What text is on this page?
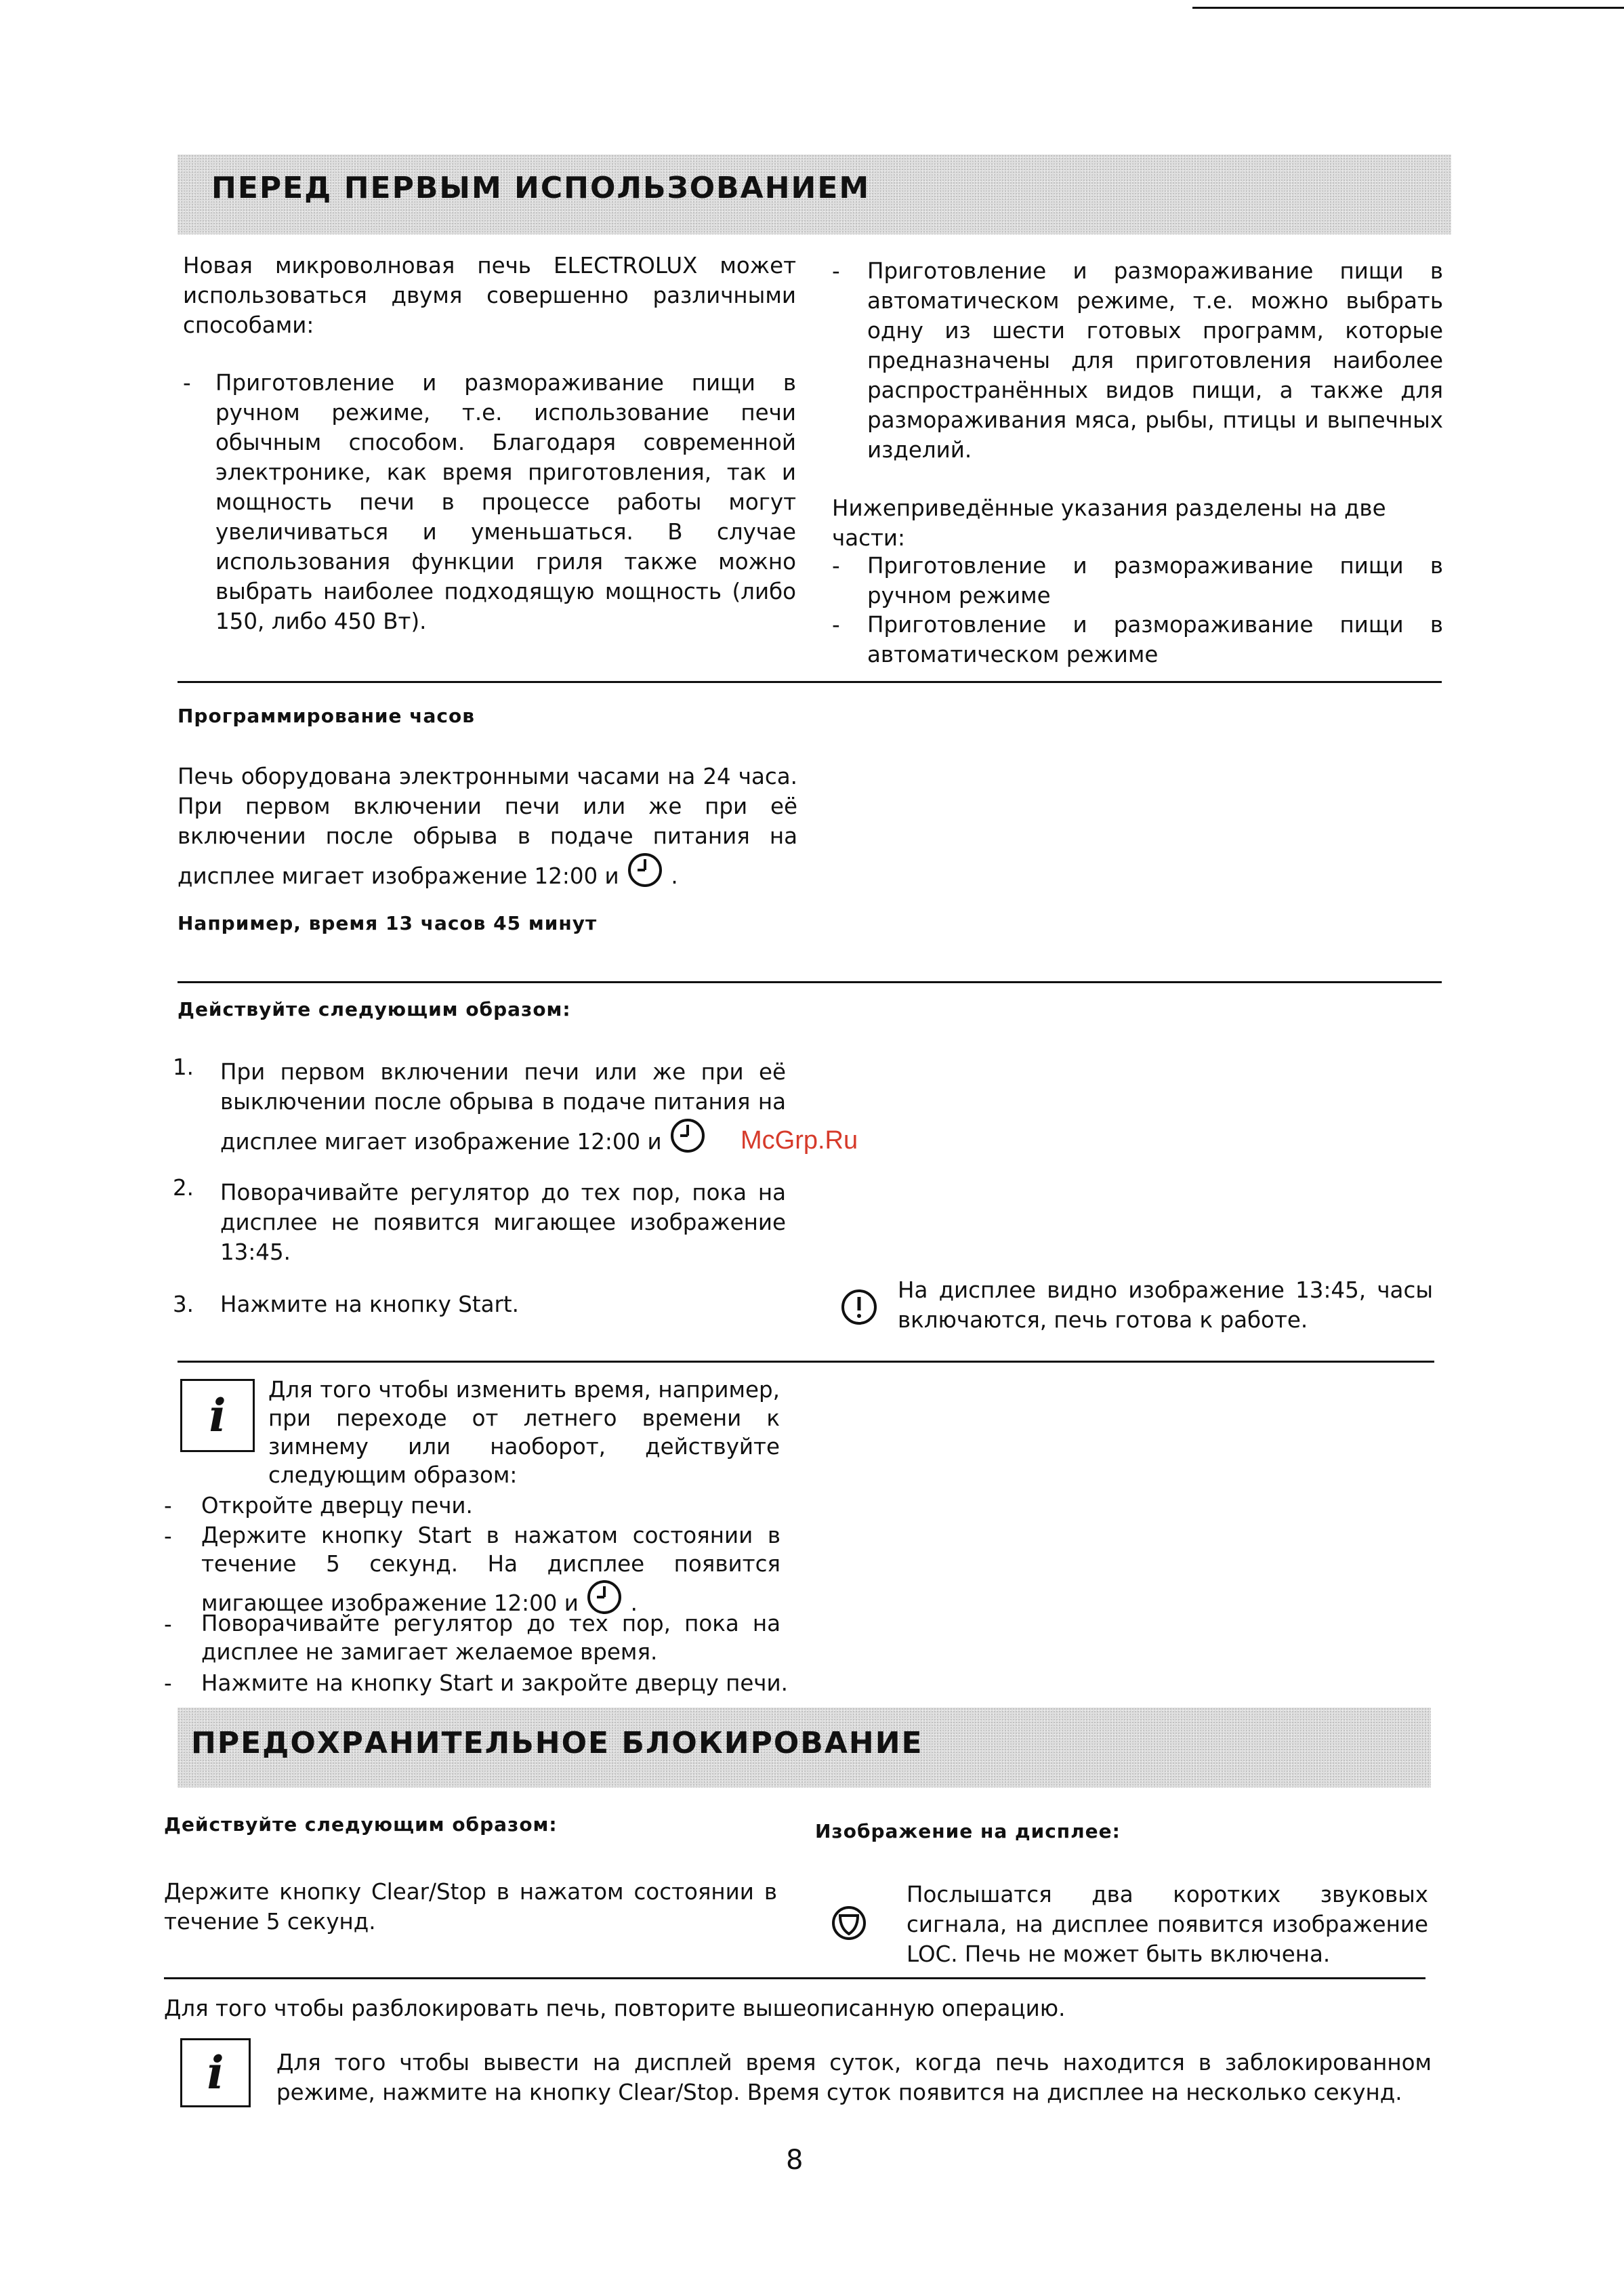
ПЕРЕД ПЕРВЫМ ИСПОЛЬЗОВАНИЕМ
Новая микроволновая печь ELECTROLUX может использоваться двумя совершенно различными способами:
-	Приготовление и размораживание пищи в ручном режиме, т.е. использование печи обычным способом. Благодаря современной электронике, как время приготовления, так и мощность печи в процессе работы могут увеличиваться и уменьшаться. В случае использования функции гриля также можно выбрать наиболее подходящую мощность (либо 150, либо 450 Вт).
-	Приготовление и размораживание пищи в автоматическом режиме, т.е. можно выбрать одну из шести готовых программ, которые предназначены для приготовления наиболее распространённых видов пищи, а также для размораживания мяса, рыбы, птицы и выпечных изделий.
Нижеприведённые указания разделены на две части:
-	Приготовление и размораживание пищи в ручном режиме
-	Приготовление и размораживание пищи в автоматическом режиме
Программирование часов
Печь оборудована электронными часами на 24 часа. При первом включении печи или же при её включении после обрыва в подаче питания на дисплее мигает изображение 12:00 и .
Например, время 13 часов 45 минут
Действуйте следующим образом:
1.	При первом включении печи или же при её выключении после обрыва в подаче питания на дисплее мигает изображение 12:00 и	McGrp.Ru
2.	Поворачивайте регулятор до тех пор, пока на дисплее не появится мигающее изображение 13:45.
3.	Нажмите на кнопку Start.
На дисплее видно изображение 13:45, часы включаются, печь готова к работе.
i	Для того чтобы изменить время, например, при переходе от летнего времени к зимнему или наоборот, действуйте следующим образом:
-	Откройте дверцу печи.
-	Держите кнопку Start в нажатом состоянии в течение 5 секунд. На дисплее появится мигающее изображение 12:00 и .
-	Поворачивайте регулятор до тех пор, пока на дисплее не замигает желаемое время.
-	Нажмите на кнопку Start и закройте дверцу печи.
ПРЕДОХРАНИТЕЛЬНОЕ БЛОКИРОВАНИЕ
Действуйте следующим образом:	Изображение на дисплее:
Держите кнопку Clear/Stop в нажатом состоянии в течение 5 секунд.
Послышатся два коротких звуковых сигнала, на дисплее появится изображение LOC. Печь не может быть включена.
Для того чтобы разблокировать печь, повторите вышеописанную операцию.
i	Для того чтобы вывести на дисплей время суток, когда печь находится в заблокированном режиме, нажмите на кнопку Clear/Stop. Время суток появится на дисплее на несколько секунд.
8
